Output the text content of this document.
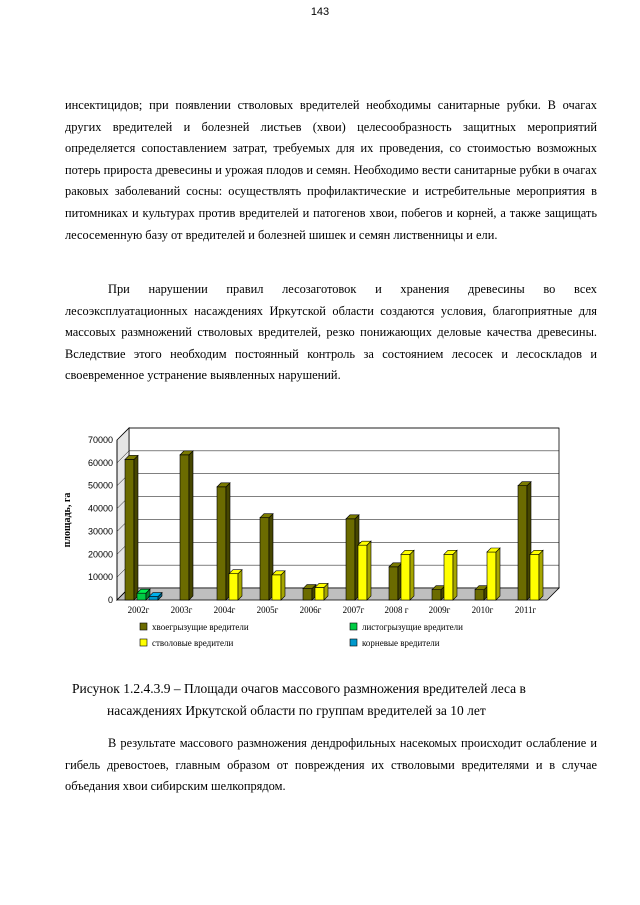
143

инсектицидов; при появлении стволовых вредителей необходимы санитарные рубки. В очагах других вредителей и болезней листьев (хвои) целесообразность защитных мероприятий определяется сопоставлением затрат, требуемых для их проведения, со стоимостью возможных потерь прироста древесины и урожая плодов и семян. Необходимо вести санитарные рубки в очагах раковых заболеваний сосны: осуществлять профилактические и истребительные мероприятия в питомниках и культурах против вредителей и патогенов хвои, побегов и корней, а также защищать лесосеменную базу от вредителей и болезней шишек и семян лиственницы и ели.

При нарушении правил лесозаготовок и хранения древесины во всех лесоэксплуатационных насаждениях Иркутской области создаются условия, благоприятные для массовых размножений стволовых вредителей, резко понижающих деловые качества древесины. Вследствие этого необходим постоянный контроль за состоянием лесосек и лесоскладов и своевременное устранение выявленных нарушений.

0
10000
20000
30000
40000
50000
60000
70000
площадь, га
2002г 2003г 2004г 2005г 2006г 2007г 2008 г 2009г 2010г 2011г
хвоегрызущие вредители	листогрызущие вредители
стволовые вредители	корневые вредители
Рисунок 1.2.4.3.9 – Площади очагов массового размножения вредителей леса в
насаждениях Иркутской области по группам вредителей за 10 лет

В результате массового размножения дендрофильных насекомых происходит ослабление и гибель древостоев, главным образом от повреждения их стволовыми вредителями и в случае объедания хвои сибирским шелкопрядом.
